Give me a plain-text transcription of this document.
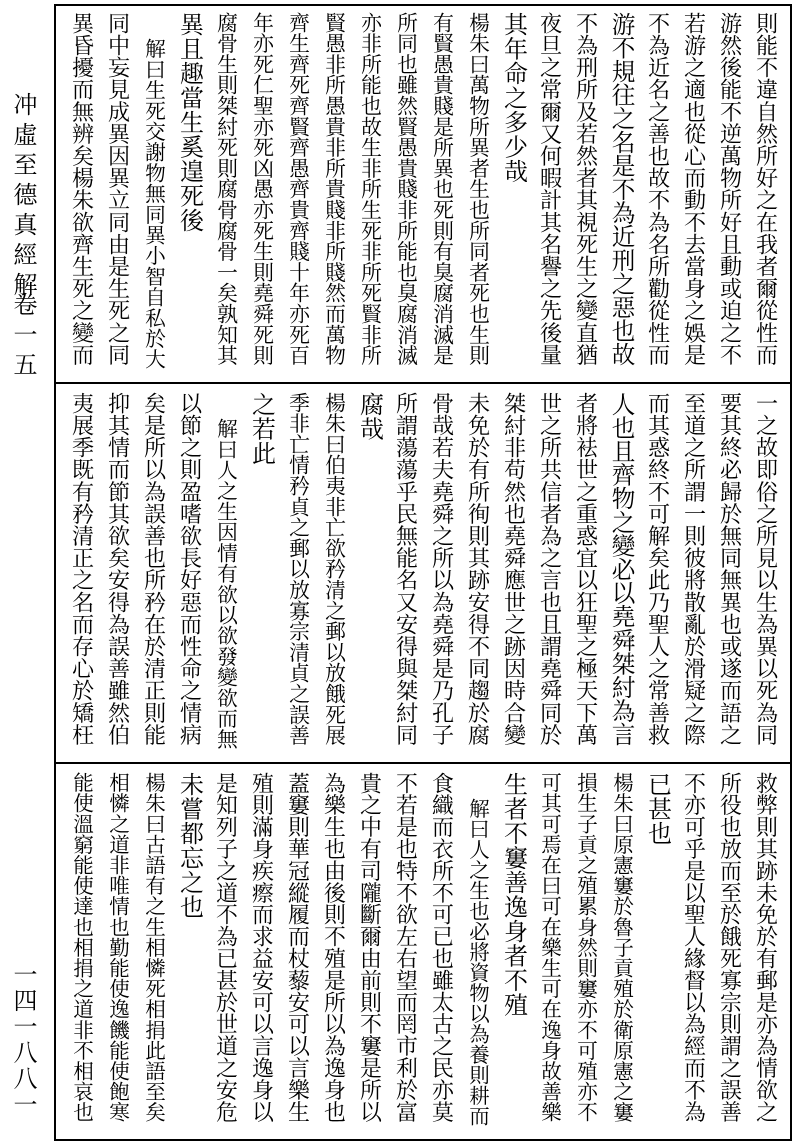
冲虛至德真經解
卷一五
一四一八八一
則能不違自然所好之在我者爾從性而
游然後能不逆萬物所好且動或迫之不
若游之適也從心而動不去當身之娛是
不為近名之善也故不為名所勸從性而
游不規往之名是不為近刑之惡也故
不為刑所及若然者其視死生之變直猶
夜旦之常爾又何暇計其名譽之先後量
其年命之多少哉
楊朱曰萬物所異者生也所同者死也生則
有賢愚貴賤是所異也死則有臭腐消滅是
所同也雖然賢愚貴賤非所能也臭腐消滅
亦非所能也故生非所生死非所死賢非所
賢愚非所愚貴非所貴賤非所賤然而萬物
齊生齊死齊賢齊愚齊貴齊賤十年亦死百
年亦死仁聖亦死凶愚亦死生則堯舜死則
腐骨生則桀紂死則腐骨腐骨一矣孰知其
異且趣當生奚遑死後
解曰生死交謝物無同異小智自私於大
同中妄見成異因異立同由是生死之同
異昏擾而無辨矣楊朱欲齊生死之變而
一之故即俗之所見以生為異以死為同
要其終必歸於無同無異也或遂而語之
至道之所謂一則彼將散亂於滑疑之際
而其惑終不可解矣此乃聖人之常善救
人也且齊物之變必以堯舜桀紂為言
者將袪世之重惑宜以狂聖之極天下萬
世之所共信者為之言也且謂堯舜同於
桀紂非苟然也堯舜應世之跡因時合變
未免於有所徇則其跡安得不同趨於腐
骨哉若夫堯舜之所以為堯舜是乃孔子
所謂蕩蕩乎民無能名又安得與桀紂同
腐哉
楊朱曰伯夷非亡欲矜清之郵以放餓死展
季非亡情矜貞之郵以放寡宗清貞之誤善
之若此
解曰人之生因情有欲以欲發變欲而無
以節之則盈嗜欲長好惡而性命之情病
矣是所以為誤善也所矜在於清正則能
抑其情而節其欲矣安得為誤善雖然伯
夷展季既有矜清正之名而存心於矯枉
救弊則其跡未免於有郵是亦為情欲之
所役也放而至於餓死寡宗則謂之誤善
不亦可乎是以聖人緣督以為經而不為
已甚也
楊朱曰原憲窶於魯子貢殖於衛原憲之窶
損生子貢之殖累身然則窶亦不可殖亦不
可其可焉在曰可在樂生可在逸身故善樂
生者不窶善逸身者不殖
解曰人之生也必將資物以為養則耕而
食織而衣所不可已也雖太古之民亦莫
不若是也特不欲左右望而罔市利於富
貴之中有司隴斷爾由前則不窶是所以
為樂生也由後則不殖是所以為逸身也
蓋窶則華冠縱履而杖藜安可以言樂生
殖則滿身疾瘵而求益安可以言逸身以
是知列子之道不為已甚於世道之安危
未嘗都忘之也
楊朱曰古語有之生相憐死相捐此語至矣
相憐之道非唯情也勤能使逸饑能使飽寒
能使溫窮能使達也相捐之道非不相哀也
